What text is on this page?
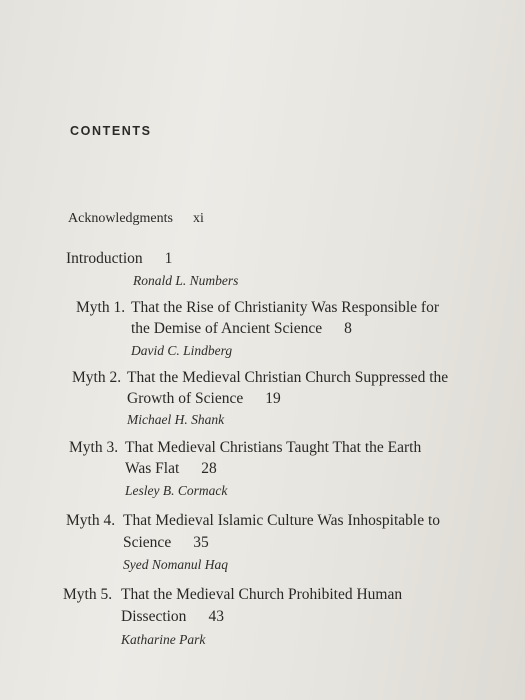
CONTENTS
Acknowledgments xi
Introduction 1
Ronald L. Numbers
Myth 1. That the Rise of Christianity Was Responsible for
the Demise of Ancient Science 8
David C. Lindberg
Myth 2. That the Medieval Christian Church Suppressed the
Growth of Science 19
Michael H. Shank
Myth 3. That Medieval Christians Taught That the Earth
Was Flat 28
Lesley B. Cormack
Myth 4. That Medieval Islamic Culture Was Inhospitable to
Science 35
Syed Nomanul Haq
Myth 5. That the Medieval Church Prohibited Human
Dissection 43
Katharine Park
